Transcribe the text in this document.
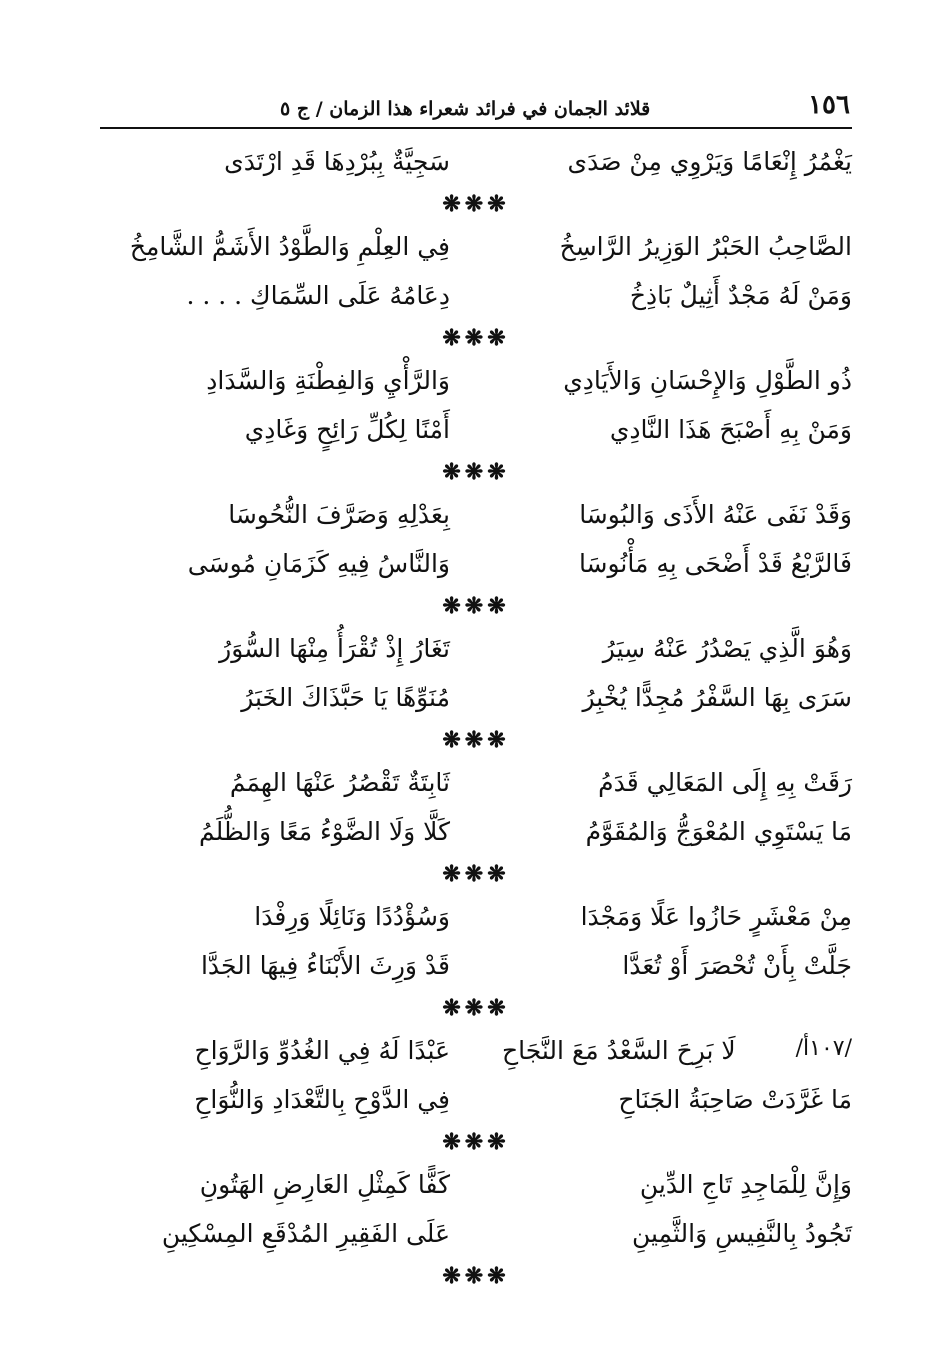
١٥٦
قلائد الجمان في فرائد شعراء هذا الزمان / ج ٥
يَغْمُرُ إِنْعَامًا وَيَرْوِي مِنْ صَدَى
سَجِيَّةٌ بِبُرْدِهَا قَدِ ارْتَدَى
❋❋❋
الصَّاحِبُ الحَبْرُ الوَزِيرُ الرَّاسِخُ
فِي العِلْمِ وَالطَّوْدُ الأَشَمُّ الشَّامِخُ
وَمَنْ لَهُ مَجْدٌ أَثِيلٌ بَاذِخُ
دِعَامُهُ عَلَى السِّمَاكِ . . . .
❋❋❋
ذُو الطَّوْلِ وَالإِحْسَانِ وَالأَيَادِي
وَالرَّأْيِ وَالفِطْنَةِ وَالسَّدَادِ
وَمَنْ بِهِ أَصْبَحَ هَذَا النَّادِي
أَمْنًا لِكُلِّ رَائِحٍ وَغَادِي
❋❋❋
وَقَدْ نَفَى عَنْهُ الأَذَى وَالبُوسَا
بِعَدْلِهِ وَصَرَّفَ النُّحُوسَا
فَالرَّبْعُ قَدْ أَضْحَى بِهِ مَأْنُوسَا
وَالنَّاسُ فِيهِ كَزَمَانِ مُوسَى
❋❋❋
وَهُوَ الَّذِي يَصْدُرُ عَنْهُ سِيَرُ
تَغَارُ إِذْ تُقْرَأُ مِنْهَا السُّوَرُ
سَرَى بِهَا السَّفْرُ مُجِدًّا يُخْبِرُ
مُنَوِّهًا يَا حَبَّذَاكَ الخَبَرُ
❋❋❋
رَقَتْ بِهِ إِلَى المَعَالِي قَدَمُ
ثَابِتَةٌ تَقْصُرُ عَنْهَا الهِمَمُ
مَا يَسْتَوِي المُعْوَجُّ وَالمُقَوَّمُ
كَلَّا وَلَا الضَّوْءُ مَعًا وَالظُّلَمُ
❋❋❋
مِنْ مَعْشَرٍ حَازُوا عَلًا وَمَجْدَا
وَسُؤْدُدًا وَنَائِلًا وَرِفْدَا
جَلَّتْ بِأَنْ تُحْصَرَ أَوْ تُعَدَّا
قَدْ وَرِثَ الأَبْنَاءُ فِيهَا الجَدَّا
❋❋❋
/١٠٧أ/
لَا بَرِحَ السَّعْدُ مَعَ النَّجَاحِ
عَبْدًا لَهُ فِي الغُدُوِّ وَالرَّوَاحِ
مَا غَرَّدَتْ صَاحِبَةُ الجَنَاحِ
فِي الدَّوْحِ بِالتَّعْدَادِ وَالنُّوَاحِ
❋❋❋
وَإِنَّ لِلْمَاجِدِ تَاجِ الدِّينِ
كَفًّا كَمِثْلِ العَارِضِ الهَتُونِ
تَجُودُ بِالنَّفِيسِ وَالثَّمِينِ
عَلَى الفَقِيرِ المُدْقَعِ المِسْكِينِ
❋❋❋
